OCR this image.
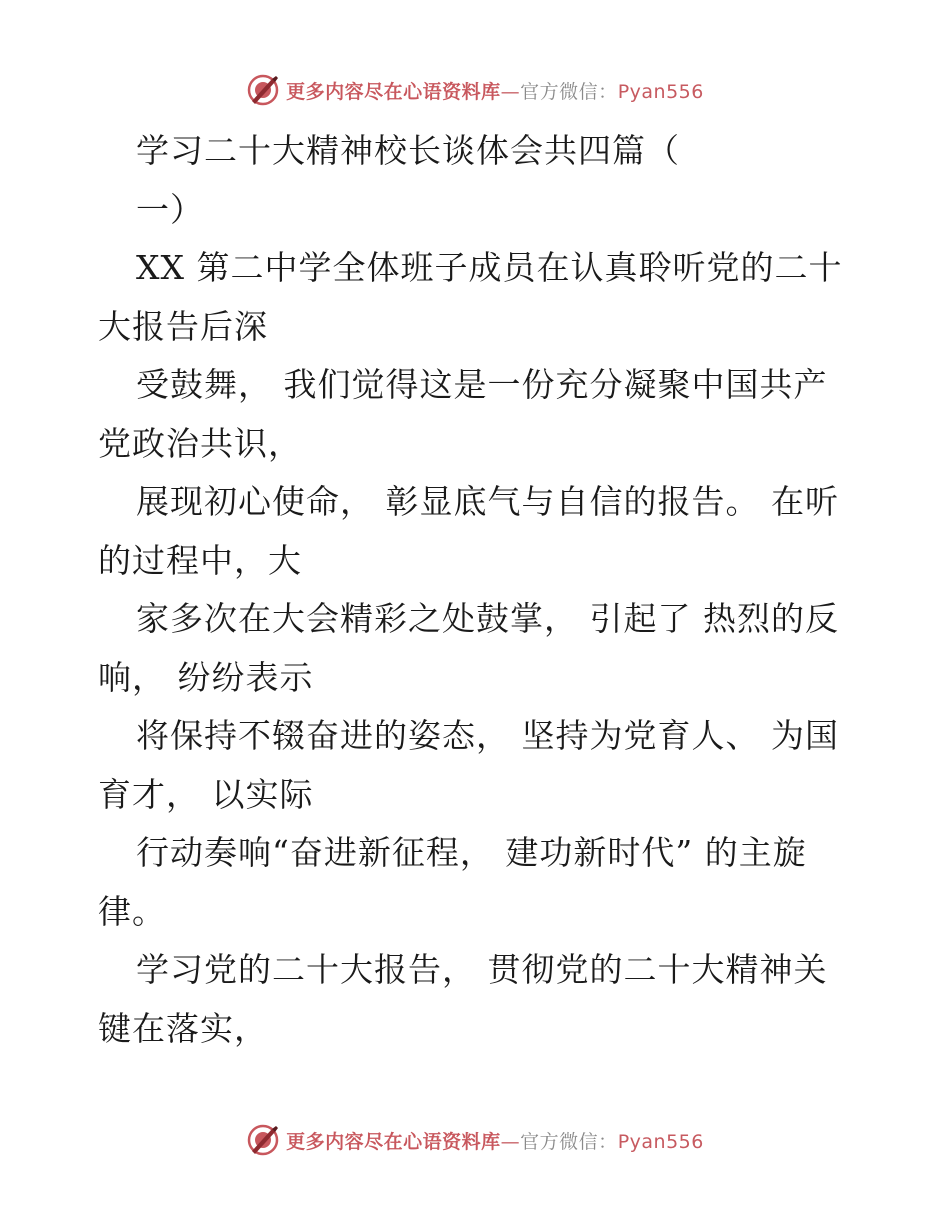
更多内容尽在心语资料库—官方微信：Pyan556
学习二十大精神校长谈体会共四篇（
一）
XX 第二中学全体班子成员在认真聆听党的二十
大报告后深
受鼓舞， 我们觉得这是一份充分凝聚中国共产
党政治共识，
展现初心使命， 彰显底气与自信的报告。 在听
的过程中，大
家多次在大会精彩之处鼓掌， 引起了 热烈的反
响， 纷纷表示
将保持不辍奋进的姿态， 坚持为党育人、 为国
育才， 以实际
行动奏响“奋进新征程， 建功新时代” 的主旋
律。
学习党的二十大报告， 贯彻党的二十大精神关
键在落实，
更多内容尽在心语资料库—官方微信：Pyan556
